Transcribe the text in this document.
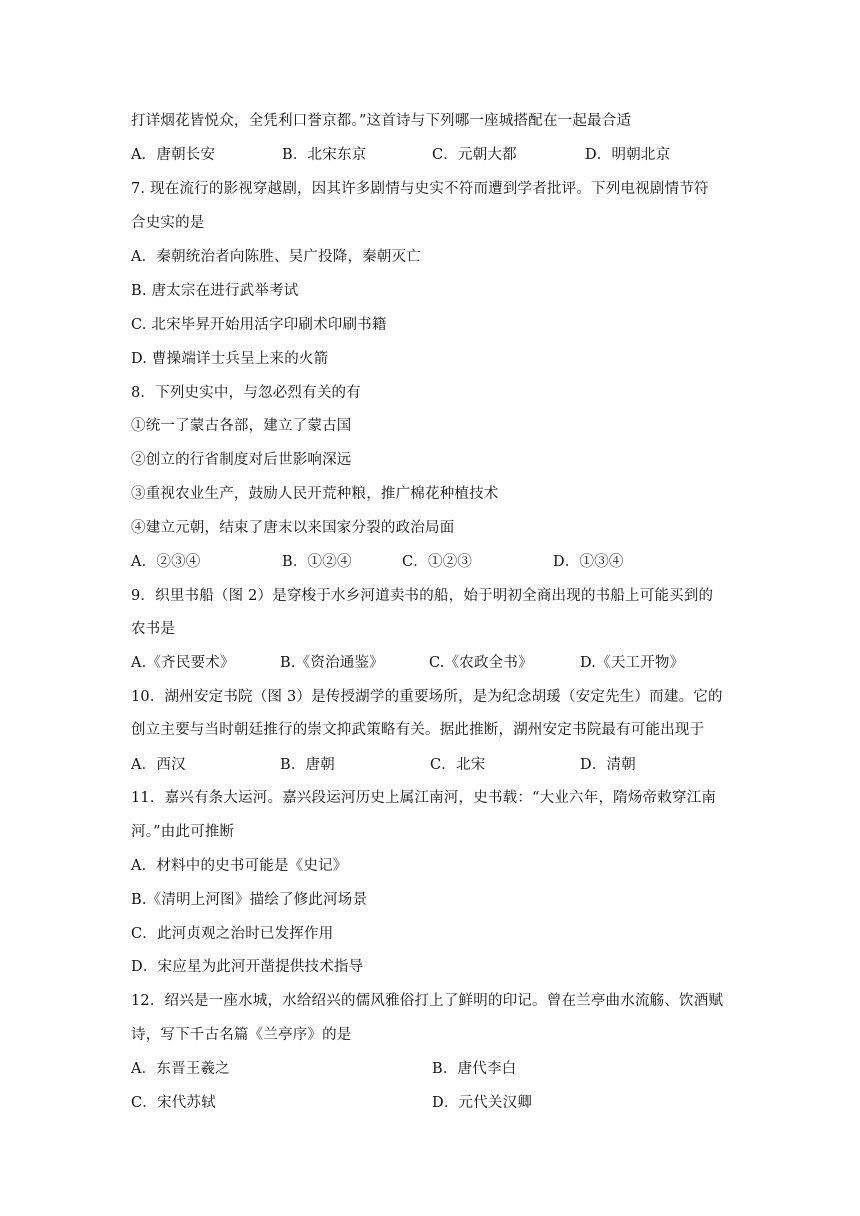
打详烟花皆悦众，全凭利口誉京都。”这首诗与下列哪一座城搭配在一起最合适
A．唐朝长安	B．北宋东京	C．元朝大都	D．明朝北京
7. 现在流行的影视穿越剧，因其许多剧情与史实不符而遭到学者批评。下列电视剧情节符
合史实的是
A．秦朝统治者向陈胜、吴广投降，秦朝灭亡
B. 唐太宗在进行武举考试
C. 北宋毕昇开始用活字印刷术印刷书籍
D. 曹操端详士兵呈上来的火箭
8．下列史实中，与忽必烈有关的有
①统一了蒙古各部，建立了蒙古国
②创立的行省制度对后世影响深远
③重视农业生产，鼓励人民开荒种粮，推广棉花种植技术
④建立元朝，结束了唐末以来国家分裂的政治局面
A．②③④	B．①②④	C．①②③	D．①③④
9．织里书船（图 2）是穿梭于水乡河道卖书的船，始于明初全商出现的书船上可能买到的
农书是
A.《齐民要术》	B.《资治通鉴》	C.《农政全书》	D.《天工开物》
10．湖州安定书院（图 3）是传授湖学的重要场所，是为纪念胡瑗（安定先生）而建。它的
创立主要与当时朝廷推行的崇文抑武策略有关。据此推断，湖州安定书院最有可能出现于
A．西汉	B．唐朝	C．北宋	D．清朝
11．嘉兴有条大运河。嘉兴段运河历史上属江南河，史书载：“大业六年，隋炀帝敕穿江南
河。”由此可推断
A．材料中的史书可能是《史记》
B.《清明上河图》描绘了修此河场景
C．此河贞观之治时已发挥作用
D．宋应星为此河开凿提供技术指导
12．绍兴是一座水城，水给绍兴的儒风雅俗打上了鲜明的印记。曾在兰亭曲水流觞、饮酒赋
诗，写下千古名篇《兰亭序》的是
A．东晋王羲之	B．唐代李白
C．宋代苏轼	D．元代关汉卿
